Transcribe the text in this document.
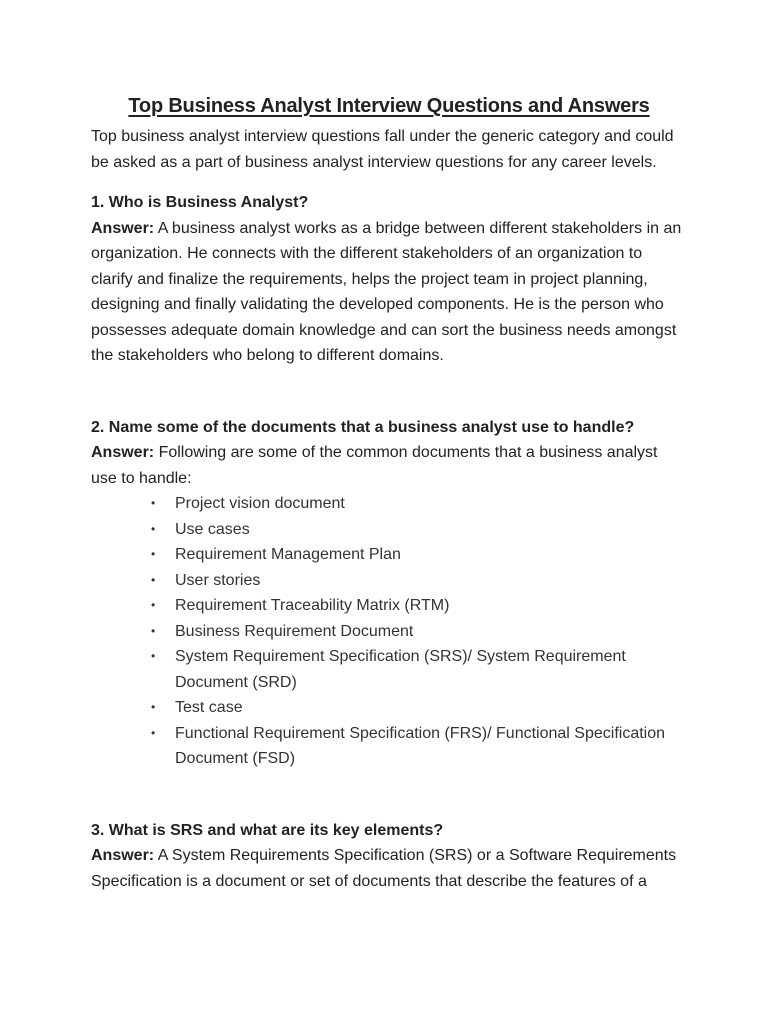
Top Business Analyst Interview Questions and Answers

Top business analyst interview questions fall under the generic category and could be asked as a part of business analyst interview questions for any career levels.

1. Who is Business Analyst?

Answer: A business analyst works as a bridge between different stakeholders in an organization. He connects with the different stakeholders of an organization to clarify and finalize the requirements, helps the project team in project planning, designing and finally validating the developed components. He is the person who possesses adequate domain knowledge and can sort the business needs amongst the stakeholders who belong to different domains.

2. Name some of the documents that a business analyst use to handle?

Answer: Following are some of the common documents that a business analyst use to handle:

• Project vision document
• Use cases
• Requirement Management Plan
• User stories
• Requirement Traceability Matrix (RTM)
• Business Requirement Document
• System Requirement Specification (SRS)/ System Requirement Document (SRD)
• Test case
• Functional Requirement Specification (FRS)/ Functional Specification Document (FSD)

3. What is SRS and what are its key elements?

Answer: A System Requirements Specification (SRS) or a Software Requirements Specification is a document or set of documents that describe the features of a
